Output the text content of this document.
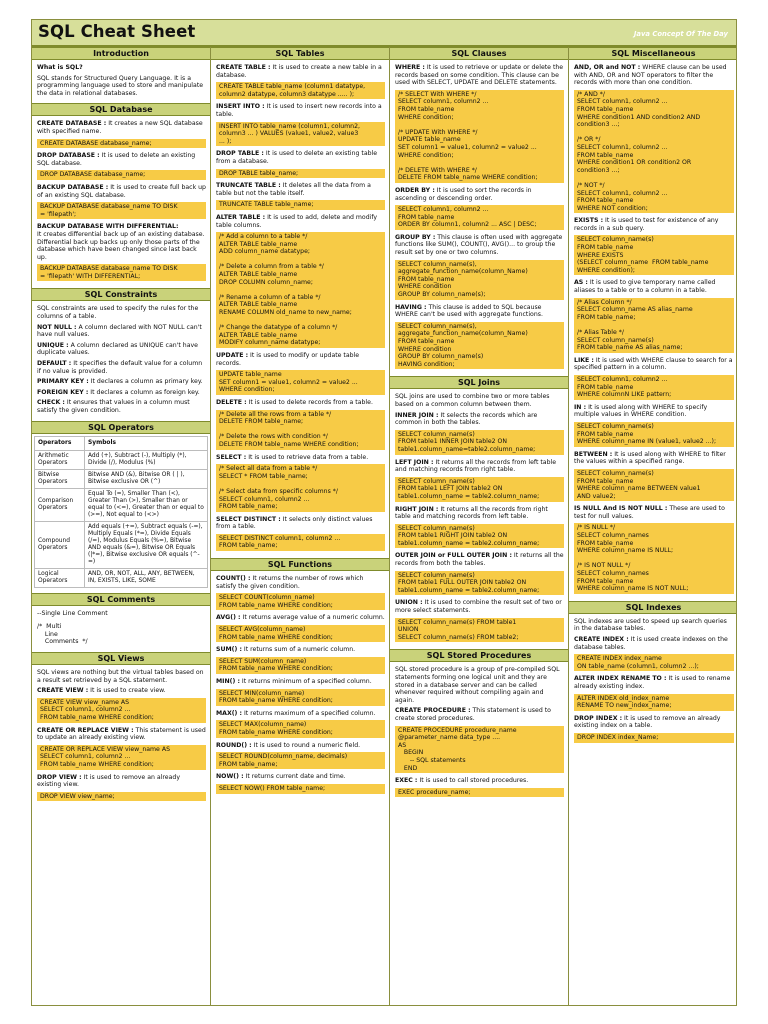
SQL Cheat Sheet	Java Concept Of The Day
Introduction
What is SQL?
SQL stands for Structured Query Language. It is a programming language used to store and manipulate the data in relational databases.
SQL Database
CREATE DATABASE : It creates a new SQL database with specified name.
CREATE DATABASE database_name;
DROP DATABASE : It is used to delete an existing SQL database.
DROP DATABASE database_name;
BACKUP DATABASE : It is used to create full back up of an existing SQL database.
BACKUP DATABASE database_name TO DISK
= 'filepath';
BACKUP DATABASE WITH DIFFERENTIAL:
It creates differential back up of an existing database. Differential back up backs up only those parts of the database which have been changed since last back up.
BACKUP DATABASE database_name TO DISK
= 'filepath' WITH DIFFERENTIAL;
SQL Constraints
SQL constraints are used to specify the rules for the columns of a table.
NOT NULL : A column declared with NOT NULL can't have null values.
UNIQUE : A column declared as UNIQUE can't have duplicate values.
DEFAULT : It specifies the default value for a column if no value is provided.
PRIMARY KEY : It declares a column as primary key.
FOREIGN KEY : It declares a column as foreign key.
CHECK : It ensures that values in a column must satisfy the given condition.
SQL Operators
Operators	Symbols
Arithmetic Operators	Add (+), Subtract (-), Multiply (*), Divide (/), Modulus (%)
Bitwise Operators	Bitwise AND (&), Bitwise OR ( | ), Bitwise exclusive OR (^)
Comparison Operators	Equal To (=), Smaller Than (<), Greater Than (>), Smaller than or equal to (<=), Greater than or equal to (>=), Not equal to (<>)
Compound Operators	Add equals (+=), Subtract equals (-=), Multiply Equals (*=), Divide Equals (/=), Modulus Equals (%=), Bitwise AND equals (&=), Bitwise OR Equals (|*=), Bitwise exclusive OR equals (^-=)
Logical Operators	AND, OR, NOT, ALL, ANY, BETWEEN, IN, EXISTS, LIKE, SOME
SQL Comments
--Single Line Comment
/*  Multi
Line
Comments  */
SQL Views
SQL views are nothing but the virtual tables based on a result set retrieved by a SQL statement.
CREATE VIEW : It is used to create view.
CREATE VIEW view_name AS
SELECT column1, column2 ...
FROM table_name WHERE condition;
CREATE OR REPLACE VIEW : This statement is used to update an already existing view.
CREATE OR REPLACE VIEW view_name AS
SELECT column1, column2 ...
FROM table_name WHERE condition;
DROP VIEW : It is used to remove an already existing view.
DROP VIEW view_name;
SQL Tables
CREATE TABLE : It is used to create a new table in a database.
CREATE TABLE table_name (column1 datatype,
column2 datatype, column3 datatype ..... );
INSERT INTO : It is used to insert new records into a table.
INSERT INTO table_name (column1, column2,
column3 ... ) VALUES (value1, value2, value3
... );
DROP TABLE : It is used to delete an existing table from a database.
DROP TABLE table_name;
TRUNCATE TABLE : It deletes all the data from a table but not the table itself.
TRUNCATE TABLE table_name;
ALTER TABLE : It is used to add, delete and modify table columns.
/* Add a column to a table */
ALTER TABLE table_name
ADD column_name datatype;

/* Delete a column from a table */
ALTER TABLE table_name
DROP COLUMN column_name;

/* Rename a column of a table */
ALTER TABLE table_name
RENAME COLUMN old_name to new_name;

/* Change the datatype of a column */
ALTER TABLE table_name
MODIFY column_name datatype;
UPDATE : It is used to modify or update table records.
UPDATE table_name
SET column1 = value1, column2 = value2 ...
WHERE condition;
DELETE : It is used to delete records from a table.
/* Delete all the rows from a table */
DELETE FROM table_name;

/* Delete the rows with condition */
DELETE FROM table_name WHERE condition;
SELECT : It is used to retrieve data from a table.
/* Select all data from a table */
SELECT * FROM table_name;

/* Select data from specific columns */
SELECT column1, column2 ...
FROM table_name;
SELECT DISTINCT : It selects only distinct values from a table.
SELECT DISTINCT column1, column2 ...
FROM table_name;
SQL Functions
COUNT() : It returns the number of rows which satisfy the given condition.
SELECT COUNT(column_name)
FROM table_name WHERE condition;
AVG() : It returns average value of a numeric column.
SELECT AVG(column_name)
FROM table_name WHERE condition;
SUM() : It returns sum of a numeric column.
SELECT SUM(column_name)
FROM table_name WHERE condition;
MIN() : It returns minimum of a specified column.
SELECT MIN(column_name)
FROM table_name WHERE condition;
MAX() : It returns maximum of a specified column.
SELECT MAX(column_name)
FROM table_name WHERE condition;
ROUND() : It is used to round a numeric field.
SELECT ROUND(column_name, decimals)
FROM table_name;
NOW() : It returns current date and time.
SELECT NOW() FROM table_name;
SQL Clauses
WHERE : It is used to retrieve or update or delete the records based on some condition. This clause can be used with SELECT, UPDATE and DELETE statements.
/* SELECT With WHERE */
SELECT column1, column2 ...
FROM table_name
WHERE condition;

/* UPDATE With WHERE */
UPDATE table_name
SET column1 = value1, column2 = value2 ...
WHERE condition;

/* DELETE With WHERE */
DELETE FROM table_name WHERE condition;
ORDER BY : It is used to sort the records in ascending or descending order.
SELECT column1, column2 ...
FROM table_name
ORDER BY column1, column2 ... ASC | DESC;
GROUP BY : This clause is often used with aggregate functions like SUM(), COUNT(), AVG()... to group the result set by one or two columns.
SELECT column_name(s),
aggregate_function_name(column_Name)
FROM table_name
WHERE condition
GROUP BY column_name(s);
HAVING : This clause is added to SQL because WHERE can't be used with aggregate functions.
SELECT column_name(s),
aggregate_function_name(column_Name)
FROM table_name
WHERE condition
GROUP BY column_name(s)
HAVING condition;
SQL Joins
SQL joins are used to combine two or more tables based on a common column between them.
INNER JOIN : It selects the records which are common in both the tables.
SELECT column_name(s)
FROM table1 INNER JOIN table2 ON
table1.column_name=table2.column_name;
LEFT JOIN : It returns all the records from left table and matching records from right table.
SELECT column_name(s)
FROM table1 LEFT JOIN table2 ON
table1.column_name = table2.column_name;
RIGHT JOIN : It returns all the records from right table and matching records from left table.
SELECT column_name(s)
FROM table1 RIGHT JOIN table2 ON
table1.column_name = table2.column_name;
OUTER JOIN or FULL OUTER JOIN : It returns all the records from both the tables.
SELECT column_name(s)
FROM table1 FULL OUTER JOIN table2 ON
table1.column_name = table2.column_name;
UNION : It is used to combine the result set of two or more select statements.
SELECT column_name(s) FROM table1
UNION
SELECT column_name(s) FROM table2;
SQL Stored Procedures
SQL stored procedure is a group of pre-compiled SQL statements forming one logical unit and they are stored in a database server and can be called whenever required without compiling again and again.
CREATE PROCEDURE : This statement is used to create stored procedures.
CREATE PROCEDURE procedure_name
@parameter_name data_type ....
AS
BEGIN
-- SQL statements
END
EXEC : It is used to call stored procedures.
EXEC procedure_name;
SQL Miscellaneous
AND, OR and NOT : WHERE clause can be used with AND, OR and NOT operators to filter the records with more than one condition.
/* AND */
SELECT column1, column2 ...
FROM table_name
WHERE condition1 AND condition2 AND
condition3 ...;

/* OR */
SELECT column1, column2 ...
FROM table_name
WHERE condition1 OR condition2 OR
condition3 ...;

/* NOT */
SELECT column1, column2 ...
FROM table_name
WHERE NOT condition;
EXISTS : It is used to test for existence of any records in a sub query.
SELECT column_name(s)
FROM table_name
WHERE EXISTS
(SELECT column_name  FROM table_name
WHERE condition);
AS : It is used to give temporary name called aliases to a table or to a column in a table.
/* Alias Column */
SELECT column_name AS alias_name
FROM table_name;

/* Alias Table */
SELECT column_name(s)
FROM table_name AS alias_name;
LIKE : It is used with WHERE clause to search for a specified pattern in a column.
SELECT column1, column2 ...
FROM table_name
WHERE columnN LIKE pattern;
IN : It is used along with WHERE to specify multiple values in WHERE condition.
SELECT column_name(s)
FROM table_name
WHERE column_name IN (value1, value2 ...);
BETWEEN : It is used along with WHERE to filter the values within a specified range.
SELECT column_name(s)
FROM table_name
WHERE column_name BETWEEN value1
AND value2;
IS NULL And IS NOT NULL : These are used to test for null values.
/* IS NULL */
SELECT column_names
FROM table_name
WHERE column_name IS NULL;

/* IS NOT NULL */
SELECT column_names
FROM table_name
WHERE column_name IS NOT NULL;
SQL Indexes
SQL indexes are used to speed up search queries in the database tables.
CREATE INDEX : It is used create indexes on the database tables.
CREATE INDEX index_name
ON table_name (column1, column2 ...);
ALTER INDEX RENAME TO : It is used to rename already existing index.
ALTER INDEX old_index_name
RENAME TO new_index_name;
DROP INDEX : It is used to remove an already existing index on a table.
DROP INDEX index_Name;
